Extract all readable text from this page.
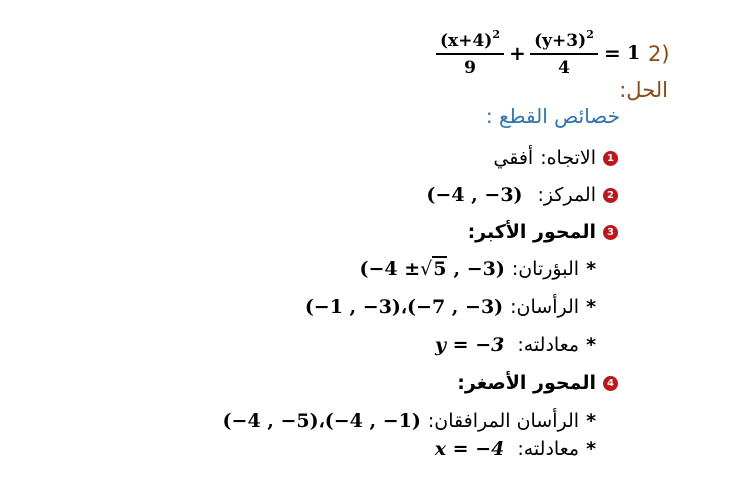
2)
1
=
$(y+3)^2$
4
+
$(x+4)^2$
9
الحل:
خصائص القطع :
1
الاتجاه:
أفقي
2
المركز:
(−4 , −3)
3
المحور الأكبر:
*
البؤرتان:
(−4 ±√5 , −3)
*
الرأسان:
(−1 , −3)،(−7 , −3)
*
معادلته:
y = −3
4
المحور الأصغر:
*
الرأسان المرافقان:
(−4 , −5)،(−4 , −1)
*
معادلته:
x = −4
